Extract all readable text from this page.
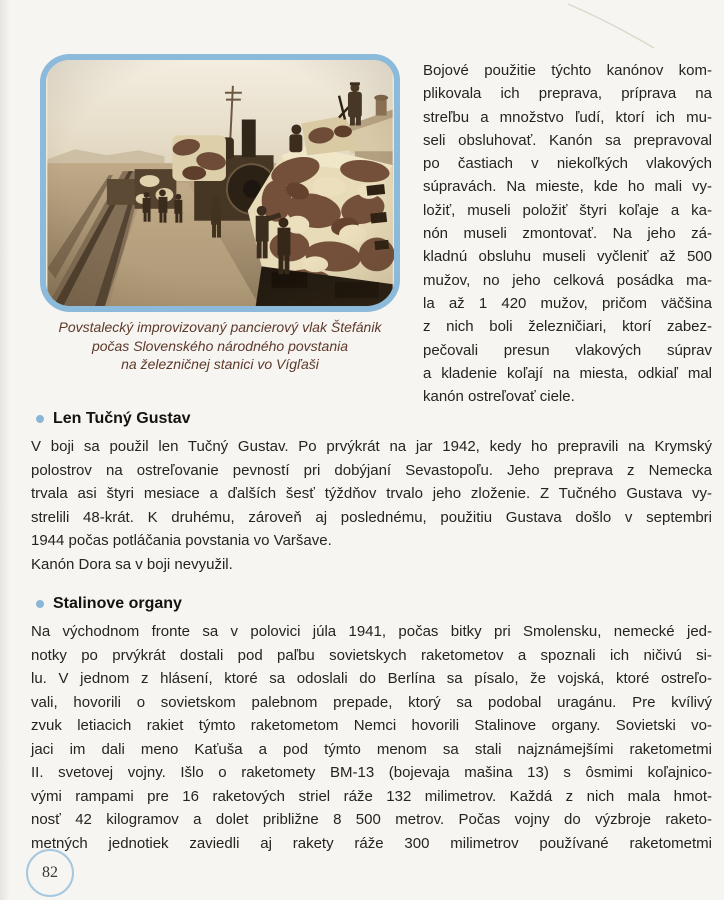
Povstalecký improvizovaný pancierový vlak Štefánik
počas Slovenského národného povstania
na železničnej stanici vo Vígľaši
Bojové použitie týchto kanónov kom-
plikovala ich preprava, príprava na
streľbu a množstvo ľudí, ktorí ich mu-
seli obsluhovať. Kanón sa prepravoval
po častiach v niekoľkých vlakových
súpravách. Na mieste, kde ho mali vy-
ložiť, museli položiť štyri koľaje a ka-
nón museli zmontovať. Na jeho zá-
kladnú obsluhu museli vyčleniť až 500
mužov, no jeho celková posádka ma-
la až 1 420 mužov, pričom väčšina
z nich boli železničiari, ktorí zabez-
pečovali presun vlakových súprav
a kladenie koľají na miesta, odkiaľ mal
kanón ostreľovať ciele.
Len Tučný Gustav
V boji sa použil len Tučný Gustav. Po prvýkrát na jar 1942, kedy ho prepravili na Krymský
polostrov na ostreľovanie pevností pri dobýjaní Sevastopoľu. Jeho preprava z Nemecka
trvala asi štyri mesiace a ďalších šesť týždňov trvalo jeho zloženie. Z Tučného Gustava vy-
strelili 48-krát. K druhému, zároveň aj poslednému, použitiu Gustava došlo v septembri
1944 počas potláčania povstania vo Varšave.
Kanón Dora sa v boji nevyužil.
Stalinove organy
Na východnom fronte sa v polovici júla 1941, počas bitky pri Smolensku, nemecké jed-
notky po prvýkrát dostali pod paľbu sovietskych raketometov a spoznali ich ničivú si-
lu. V jednom z hlásení, ktoré sa odoslali do Berlína sa písalo, že vojská, ktoré ostreľo-
vali, hovorili o sovietskom palebnom prepade, ktorý sa podobal uragánu. Pre kvílivý
zvuk letiacich rakiet týmto raketometom Nemci hovorili Stalinove organy. Sovietski vo-
jaci im dali meno Kaťuša a pod týmto menom sa stali najznámejšími raketometmi
II. svetovej vojny. Išlo o raketomety BM-13 (bojevaja mašina 13) s ôsmimi koľajnico-
vými rampami pre 16 raketových striel ráže 132 milimetrov. Každá z nich mala hmot-
nosť 42 kilogramov a dolet približne 8 500 metrov. Počas vojny do výzbroje raketo-
metných jednotiek zaviedli aj rakety ráže 300 milimetrov používané raketometmi
82
